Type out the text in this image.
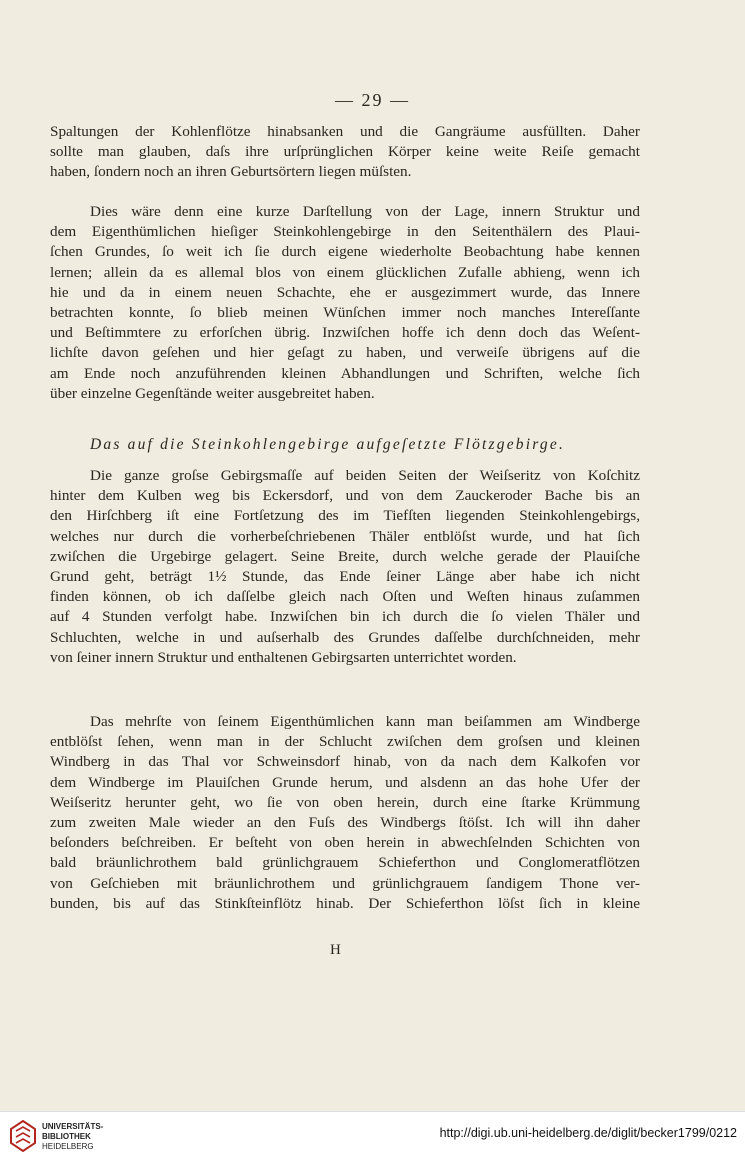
— 29 —
Spaltungen der Kohlenflötze hinabsanken und die Gangräume ausfüllten. Daher
sollte man glauben, daſs ihre urſprünglichen Körper keine weite Reiſe gemacht
haben, ſondern noch an ihren Geburtsörtern liegen müſsten.
Dies wäre denn eine kurze Darſtellung von der Lage, innern Struktur und
dem Eigenthümlichen hieſiger Steinkohlengebirge in den Seitenthälern des Plaui-
ſchen Grundes, ſo weit ich ſie durch eigene wiederholte Beobachtung habe kennen
lernen; allein da es allemal blos von einem glücklichen Zufalle abhieng, wenn ich
hie und da in einem neuen Schachte, ehe er ausgezimmert wurde, das Innere
betrachten konnte, ſo blieb meinen Wünſchen immer noch manches Intereſſante
und Beſtimmtere zu erforſchen übrig. Inzwiſchen hoffe ich denn doch das Weſent-
lichſte davon geſehen und hier geſagt zu haben, und verweiſe übrigens auf die
am Ende noch anzuführenden kleinen Abhandlungen und Schriften, welche ſich
über einzelne Gegenſtände weiter ausgebreitet haben.
Das auf die Steinkohlengebirge aufgeſetzte Flötzgebirge.
Die ganze groſse Gebirgsmaſſe auf beiden Seiten der Weiſseritz von Koſchitz
hinter dem Kulben weg bis Eckersdorf, und von dem Zauckeroder Bache bis an
den Hirſchberg iſt eine Fortſetzung des im Tiefſten liegenden Steinkohlengebirgs,
welches nur durch die vorherbeſchriebenen Thäler entblöſst wurde, und hat ſich
zwiſchen die Urgebirge gelagert. Seine Breite, durch welche gerade der Plauiſche
Grund geht, beträgt 1½ Stunde, das Ende ſeiner Länge aber habe ich nicht
finden können, ob ich daſſelbe gleich nach Oſten und Weſten hinaus zuſammen
auf 4 Stunden verfolgt habe. Inzwiſchen bin ich durch die ſo vielen Thäler und
Schluchten, welche in und auſserhalb des Grundes daſſelbe durchſchneiden, mehr
von ſeiner innern Struktur und enthaltenen Gebirgsarten unterrichtet worden.
Das mehrſte von ſeinem Eigenthümlichen kann man beiſammen am Windberge
entblöſst ſehen, wenn man in der Schlucht zwiſchen dem groſsen und kleinen
Windberg in das Thal vor Schweinsdorf hinab, von da nach dem Kalkofen vor
dem Windberge im Plauiſchen Grunde herum, und alsdenn an das hohe Ufer der
Weiſseritz herunter geht, wo ſie von oben herein, durch eine ſtarke Krümmung
zum zweiten Male wieder an den Fuſs des Windbergs ſtöſst. Ich will ihn daher
beſonders beſchreiben. Er beſteht von oben herein in abwechſelnden Schichten von
bald bräunlichrothem bald grünlichgrauem Schieferthon und Conglomeratflötzen
von Geſchieben mit bräunlichrothem und grünlichgrauem ſandigem Thone ver-
bunden, bis auf das Stinkſteinflötz hinab. Der Schieferthon löſst ſich in kleine
H
UNIVERSITÄTS-
BIBLIOTHEK
HEIDELBERG
http://digi.ub.uni-heidelberg.de/diglit/becker1799/0212
